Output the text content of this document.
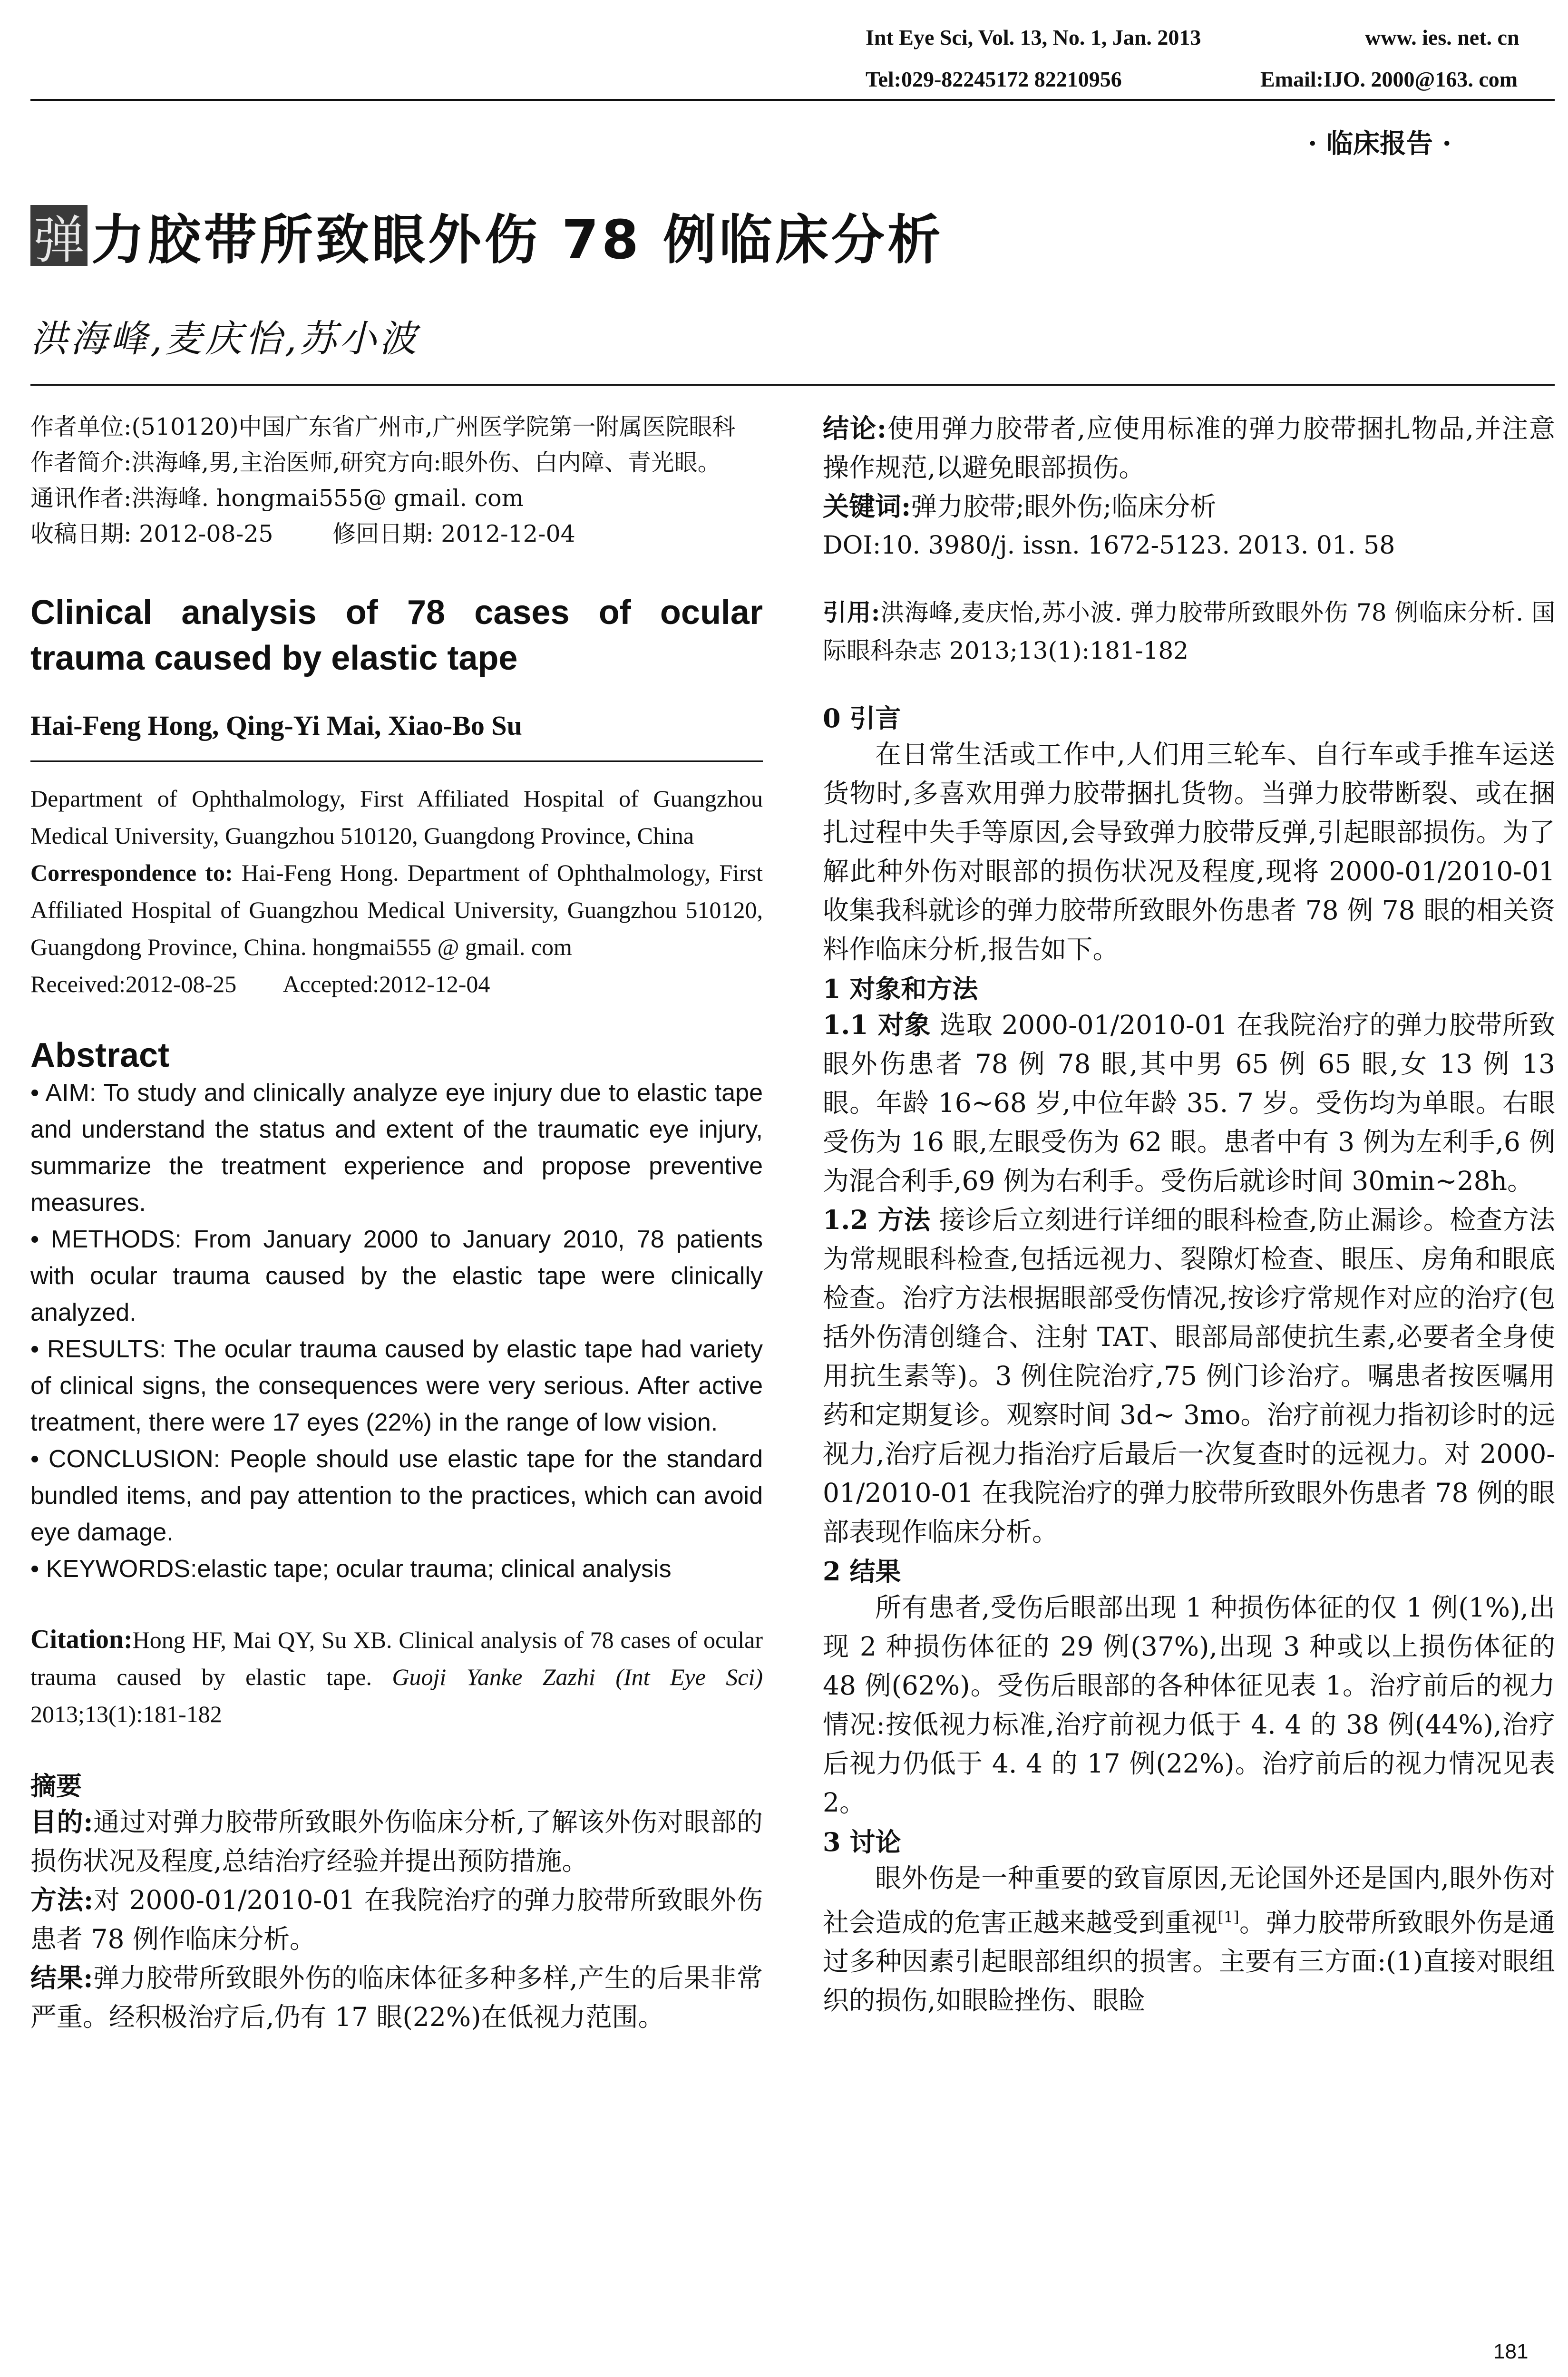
Int Eye Sci, Vol. 13, No. 1, Jan. 2013	www. ies. net. cn
Tel:029-82245172 82210956	Email:IJO. 2000@163. com
· 临床报告 ·
弹 力胶带所致眼外伤 78 例临床分析
洪海峰,麦庆怡,苏小波

作者单位:(510120)中国广东省广州市,广州医学院第一附属医院眼科

作者简介:洪海峰,男,主治医师,研究方向:眼外伤、白内障、青光眼。

通讯作者:洪海峰. hongmai555@ gmail. com

收稿日期: 2012-08-25        修回日期: 2012-12-04

Clinical analysis of 78 cases of ocular trauma caused by elastic tape

Hai-Feng Hong, Qing-Yi Mai, Xiao-Bo Su

Department of Ophthalmology, First Affiliated Hospital of Guangzhou Medical University, Guangzhou 510120, Guangdong Province, China

Correspondence to: Hai-Feng Hong. Department of Ophthalmology, First Affiliated Hospital of Guangzhou Medical University, Guangzhou 510120, Guangdong Province, China. hongmai555 @ gmail. com

Received:2012-08-25        Accepted:2012-12-04

Abstract

• AIM: To study and clinically analyze eye injury due to elastic tape and understand the status and extent of the traumatic eye injury, summarize the treatment experience and propose preventive measures.

• METHODS: From January 2000 to January 2010, 78 patients with ocular trauma caused by the elastic tape were clinically analyzed.

• RESULTS: The ocular trauma caused by elastic tape had variety of clinical signs, the consequences were very serious. After active treatment, there were 17 eyes (22%) in the range of low vision.

• CONCLUSION: People should use elastic tape for the standard bundled items, and pay attention to the practices, which can avoid eye damage.

• KEYWORDS:elastic tape; ocular trauma; clinical analysis

Citation:Hong HF, Mai QY, Su XB. Clinical analysis of 78 cases of ocular trauma caused by elastic tape. Guoji Yanke Zazhi (Int Eye Sci) 2013;13(1):181-182

摘要

目的:通过对弹力胶带所致眼外伤临床分析,了解该外伤对眼部的损伤状况及程度,总结治疗经验并提出预防措施。

方法:对 2000-01/2010-01 在我院治疗的弹力胶带所致眼外伤患者 78 例作临床分析。

结果:弹力胶带所致眼外伤的临床体征多种多样,产生的后果非常严重。经积极治疗后,仍有 17 眼(22%)在低视力范围。

结论:使用弹力胶带者,应使用标准的弹力胶带捆扎物品,并注意操作规范,以避免眼部损伤。

关键词:弹力胶带;眼外伤;临床分析

DOI:10. 3980/j. issn. 1672-5123. 2013. 01. 58

引用:洪海峰,麦庆怡,苏小波. 弹力胶带所致眼外伤 78 例临床分析. 国际眼科杂志 2013;13(1):181-182

0 引言

在日常生活或工作中,人们用三轮车、自行车或手推车运送货物时,多喜欢用弹力胶带捆扎货物。当弹力胶带断裂、或在捆扎过程中失手等原因,会导致弹力胶带反弹,引起眼部损伤。为了解此种外伤对眼部的损伤状况及程度,现将 2000-01/2010-01 收集我科就诊的弹力胶带所致眼外伤患者 78 例 78 眼的相关资料作临床分析,报告如下。

1 对象和方法

1.1 对象 选取 2000-01/2010-01 在我院治疗的弹力胶带所致眼外伤患者 78 例 78 眼,其中男 65 例 65 眼,女 13 例 13 眼。年龄 16~68 岁,中位年龄 35. 7 岁。受伤均为单眼。右眼受伤为 16 眼,左眼受伤为 62 眼。患者中有 3 例为左利手,6 例为混合利手,69 例为右利手。受伤后就诊时间 30min~28h。

1.2 方法 接诊后立刻进行详细的眼科检查,防止漏诊。检查方法为常规眼科检查,包括远视力、裂隙灯检查、眼压、房角和眼底检查。治疗方法根据眼部受伤情况,按诊疗常规作对应的治疗(包括外伤清创缝合、注射 TAT、眼部局部使抗生素,必要者全身使用抗生素等)。3 例住院治疗,75 例门诊治疗。嘱患者按医嘱用药和定期复诊。观察时间 3d~ 3mo。治疗前视力指初诊时的远视力,治疗后视力指治疗后最后一次复查时的远视力。对 2000-01/2010-01 在我院治疗的弹力胶带所致眼外伤患者 78 例的眼部表现作临床分析。

2 结果

所有患者,受伤后眼部出现 1 种损伤体征的仅 1 例(1%),出现 2 种损伤体征的 29 例(37%),出现 3 种或以上损伤体征的 48 例(62%)。受伤后眼部的各种体征见表 1。治疗前后的视力情况:按低视力标准,治疗前视力低于 4. 4 的 38 例(44%),治疗后视力仍低于 4. 4 的 17 例(22%)。治疗前后的视力情况见表 2。

3 讨论

眼外伤是一种重要的致盲原因,无论国外还是国内,眼外伤对社会造成的危害正越来越受到重视[1]。弹力胶带所致眼外伤是通过多种因素引起眼部组织的损害。主要有三方面:(1)直接对眼组织的损伤,如眼睑挫伤、眼睑

181
